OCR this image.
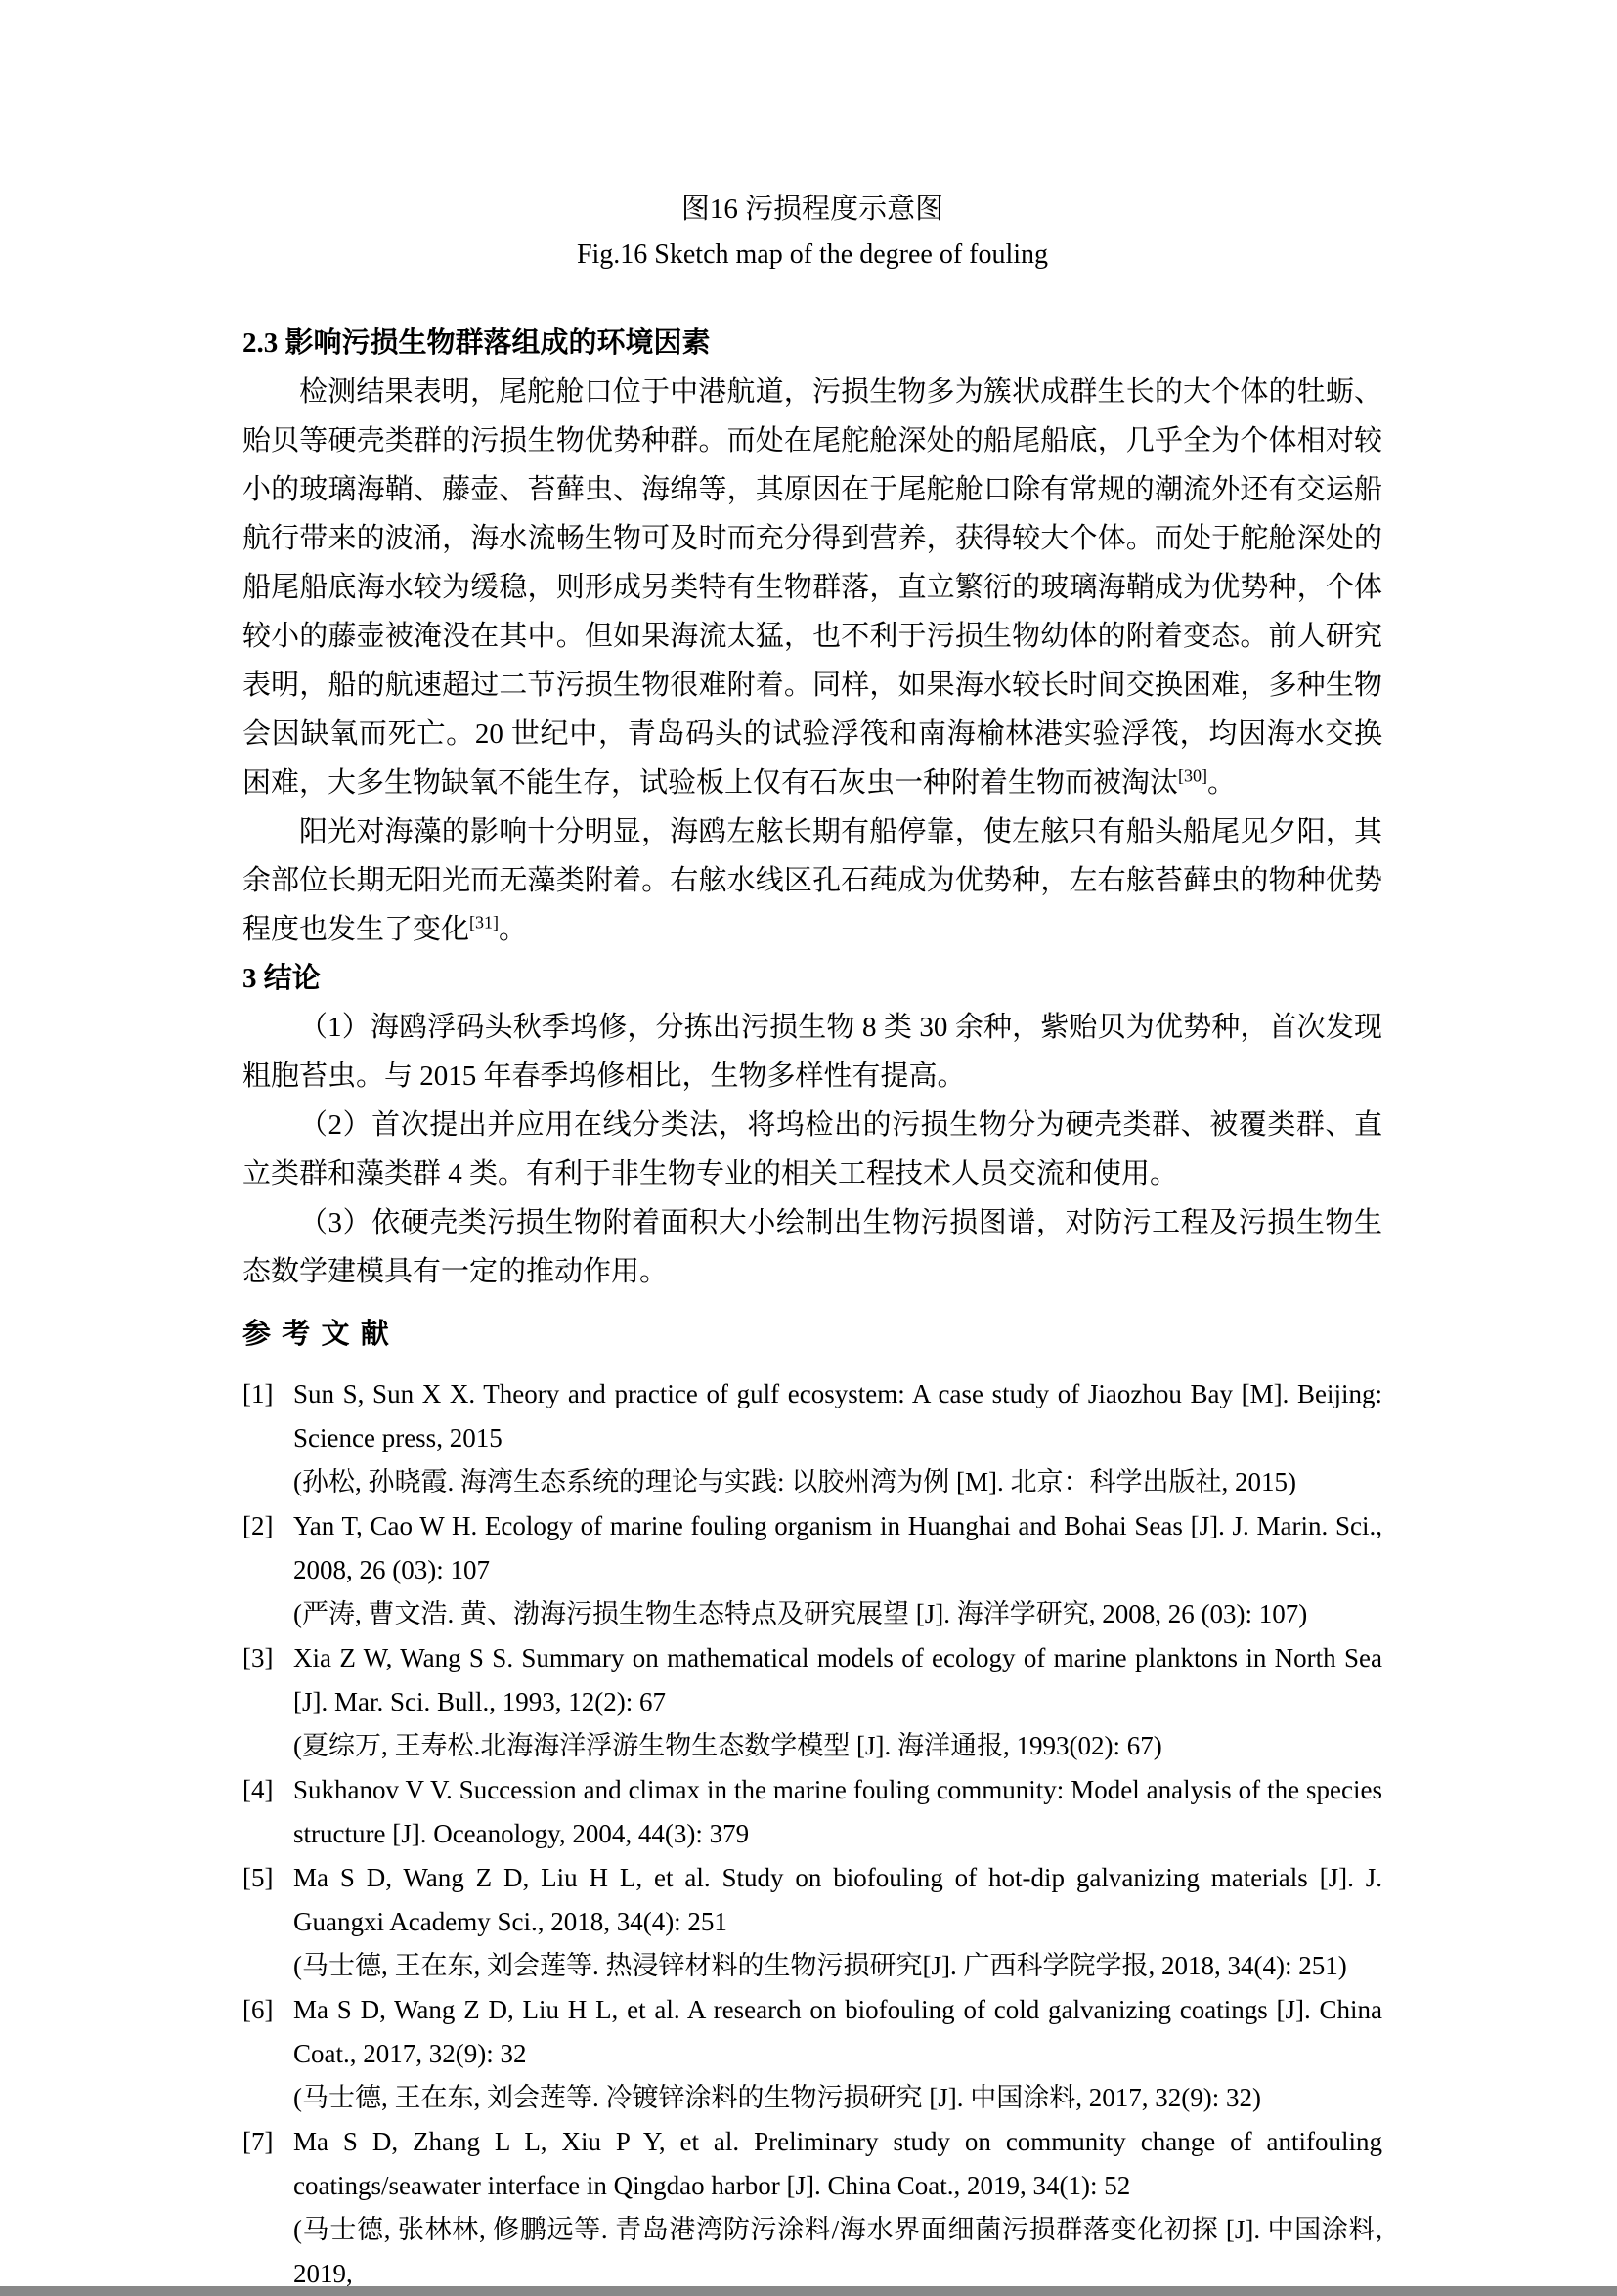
图16 污损程度示意图
Fig.16 Sketch map of the degree of fouling
2.3 影响污损生物群落组成的环境因素
检测结果表明，尾舵舱口位于中港航道，污损生物多为簇状成群生长的大个体的牡蛎、贻贝等硬壳类群的污损生物优势种群。而处在尾舵舱深处的船尾船底，几乎全为个体相对较小的玻璃海鞘、藤壶、苔藓虫、海绵等，其原因在于尾舵舱口除有常规的潮流外还有交运船航行带来的波涌，海水流畅生物可及时而充分得到营养，获得较大个体。而处于舵舱深处的船尾船底海水较为缓稳，则形成另类特有生物群落，直立繁衍的玻璃海鞘成为优势种，个体较小的藤壶被淹没在其中。但如果海流太猛，也不利于污损生物幼体的附着变态。前人研究表明，船的航速超过二节污损生物很难附着。同样，如果海水较长时间交换困难，多种生物会因缺氧而死亡。20 世纪中，青岛码头的试验浮筏和南海榆林港实验浮筏，均因海水交换困难，大多生物缺氧不能生存，试验板上仅有石灰虫一种附着生物而被淘汰[30]。
阳光对海藻的影响十分明显，海鸥左舷长期有船停靠，使左舷只有船头船尾见夕阳，其余部位长期无阳光而无藻类附着。右舷水线区孔石莼成为优势种，左右舷苔藓虫的物种优势程度也发生了变化[31]。
3 结论
（1）海鸥浮码头秋季坞修，分拣出污损生物 8 类 30 余种，紫贻贝为优势种，首次发现粗胞苔虫。与 2015 年春季坞修相比，生物多样性有提高。
（2）首次提出并应用在线分类法，将坞检出的污损生物分为硬壳类群、被覆类群、直立类群和藻类群 4 类。有利于非生物专业的相关工程技术人员交流和使用。
（3）依硬壳类污损生物附着面积大小绘制出生物污损图谱，对防污工程及污损生物生态数学建模具有一定的推动作用。
参 考 文 献
[1] Sun S, Sun X X. Theory and practice of gulf ecosystem: A case study of Jiaozhou Bay [M]. Beijing: Science press, 2015
(孙松, 孙晓霞. 海湾生态系统的理论与实践: 以胶州湾为例 [M]. 北京：科学出版社, 2015)
[2] Yan T, Cao W H. Ecology of marine fouling organism in Huanghai and Bohai Seas [J]. J. Marin. Sci., 2008, 26 (03): 107
(严涛, 曹文浩. 黄、渤海污损生物生态特点及研究展望 [J]. 海洋学研究, 2008, 26 (03): 107)
[3] Xia Z W, Wang S S. Summary on mathematical models of ecology of marine planktons in North Sea [J]. Mar. Sci. Bull., 1993, 12(2): 67
(夏综万, 王寿松.北海海洋浮游生物生态数学模型 [J]. 海洋通报, 1993(02): 67)
[4] Sukhanov V V. Succession and climax in the marine fouling community: Model analysis of the species structure [J]. Oceanology, 2004, 44(3): 379
[5] Ma S D, Wang Z D, Liu H L, et al. Study on biofouling of hot-dip galvanizing materials [J]. J. Guangxi Academy Sci., 2018, 34(4): 251
(马士德, 王在东, 刘会莲等. 热浸锌材料的生物污损研究[J]. 广西科学院学报, 2018, 34(4): 251)
[6] Ma S D, Wang Z D, Liu H L, et al. A research on biofouling of cold galvanizing coatings [J]. China Coat., 2017, 32(9): 32
(马士德, 王在东, 刘会莲等. 冷镀锌涂料的生物污损研究 [J]. 中国涂料, 2017, 32(9): 32)
[7] Ma S D, Zhang L L, Xiu P Y, et al. Preliminary study on community change of antifouling coatings/seawater interface in Qingdao harbor [J]. China Coat., 2019, 34(1): 52
(马士德, 张林林, 修鹏远等. 青岛港湾防污涂料/海水界面细菌污损群落变化初探 [J]. 中国涂料, 2019,
